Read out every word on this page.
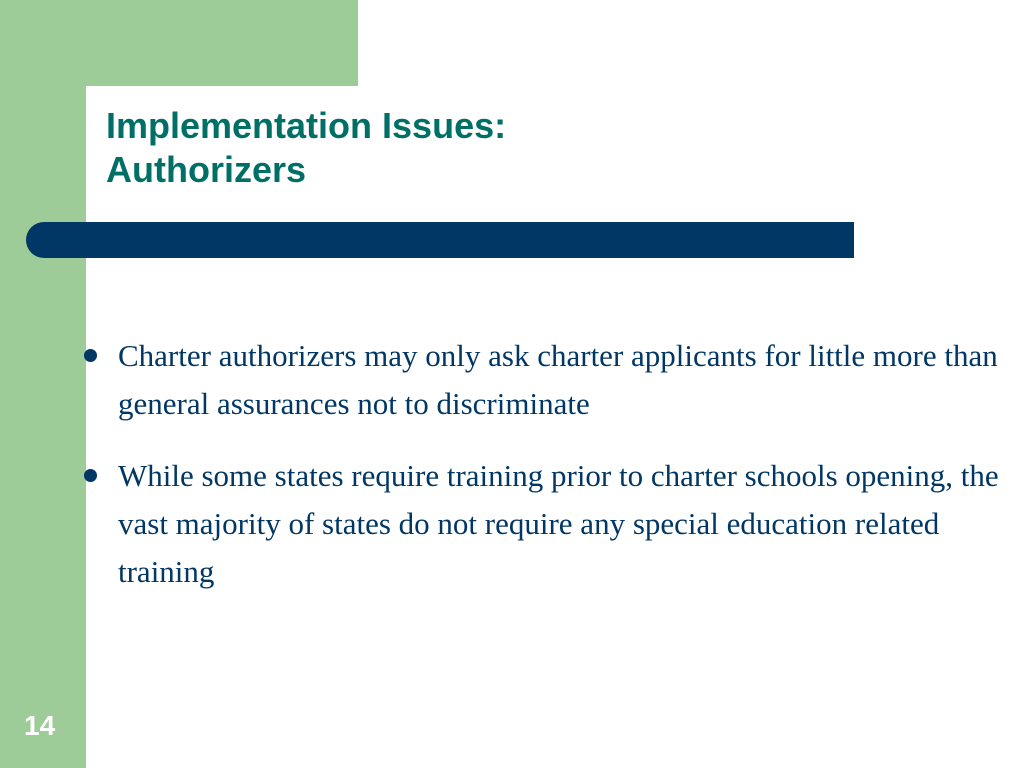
Implementation Issues:
Authorizers
Charter authorizers may only ask charter applicants for little more than general assurances not to discriminate
While some states require training prior to charter schools opening, the vast majority of states do not require any special education related training
14
